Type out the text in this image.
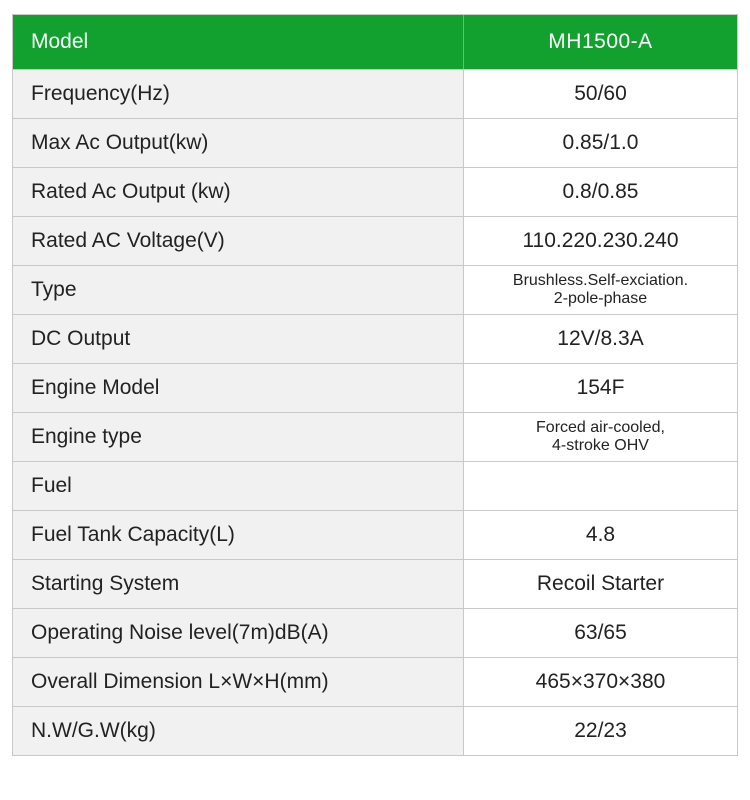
Model	MH1500-A
Frequency(Hz)	50/60
Max Ac Output(kw)	0.85/1.0
Rated Ac Output (kw)	0.8/0.85
Rated AC Voltage(V)	110.220.230.240
Type	Brushless.Self-exciation.
2-pole-phase
DC Output	12V/8.3A
Engine Model	154F
Engine type	Forced air-cooled,
4-stroke OHV
Fuel
Fuel Tank Capacity(L)	4.8
Starting System	Recoil Starter
Operating Noise level(7m)dB(A)	63/65
Overall Dimension L×W×H(mm)	465×370×380
N.W/G.W(kg)	22/23
